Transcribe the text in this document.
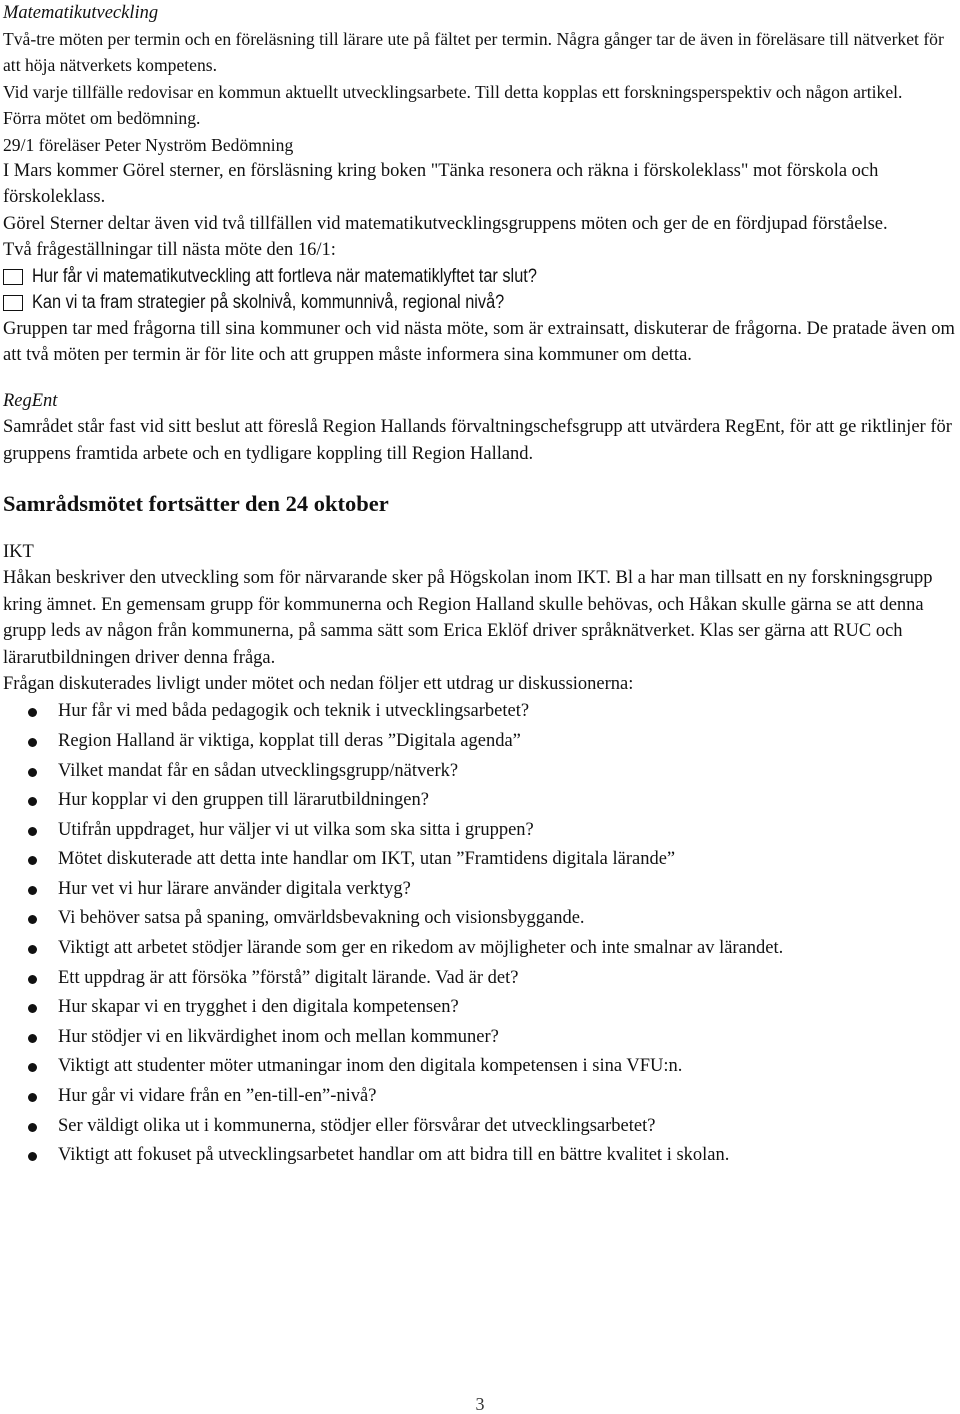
Matematikutveckling

Två-tre möten per termin och en föreläsning till lärare ute på fältet per termin. Några gånger tar de även in föreläsare till nätverket för att höja nätverkets kompetens.

Vid varje tillfälle redovisar en kommun aktuellt utvecklingsarbete. Till detta kopplas ett forskningsperspektiv och någon artikel.

Förra mötet om bedömning.

29/1 föreläser Peter Nyström Bedömning

I Mars kommer Görel sterner, en försläsning kring boken "Tänka resonera och räkna i förskoleklass" mot förskola och förskoleklass.

Görel Sterner deltar även vid två tillfällen vid matematikutvecklingsgruppens möten och ger de en fördjupad förståelse.

Två frågeställningar till nästa möte den 16/1:

Hur får vi matematikutveckling att fortleva när matematiklyftet tar slut?
Kan vi ta fram strategier på skolnivå, kommunnivå, regional nivå?

Gruppen tar med frågorna till sina kommuner och vid nästa möte, som är extrainsatt, diskuterar de frågorna. De pratade även om att två möten per termin är för lite och att gruppen måste informera sina kommuner om detta.

RegEnt

Samrådet står fast vid sitt beslut att föreslå Region Hallands förvaltningschefsgrupp att utvärdera RegEnt, för att ge riktlinjer för gruppens framtida arbete och en tydligare koppling till Region Halland.

Samrådsmötet fortsätter den 24 oktober

IKT

Håkan beskriver den utveckling som för närvarande sker på Högskolan inom IKT. Bl a har man tillsatt en ny forskningsgrupp kring ämnet. En gemensam grupp för kommunerna och Region Halland skulle behövas, och Håkan skulle gärna se att denna grupp leds av någon från kommunerna, på samma sätt som Erica Eklöf driver språknätverket. Klas ser gärna att RUC och lärarutbildningen driver denna fråga.

Frågan diskuterades livligt under mötet och nedan följer ett utdrag ur diskussionerna:

Hur får vi med båda pedagogik och teknik i utvecklingsarbetet?
Region Halland är viktiga, kopplat till deras ”Digitala agenda”
Vilket mandat får en sådan utvecklingsgrupp/nätverk?
Hur kopplar vi den gruppen till lärarutbildningen?
Utifrån uppdraget, hur väljer vi ut vilka som ska sitta i gruppen?
Mötet diskuterade att detta inte handlar om IKT, utan ”Framtidens digitala lärande”
Hur vet vi hur lärare använder digitala verktyg?
Vi behöver satsa på spaning, omvärldsbevakning och visionsbyggande.
Viktigt att arbetet stödjer lärande som ger en rikedom av möjligheter och inte smalnar av lärandet.
Ett uppdrag är att försöka ”förstå” digitalt lärande. Vad är det?
Hur skapar vi en trygghet i den digitala kompetensen?
Hur stödjer vi en likvärdighet inom och mellan kommuner?
Viktigt att studenter möter utmaningar inom den digitala kompetensen i sina VFU:n.
Hur går vi vidare från en ”en-till-en”-nivå?
Ser väldigt olika ut i kommunerna, stödjer eller försvårar det utvecklingsarbetet?
Viktigt att fokuset på utvecklingsarbetet handlar om att bidra till en bättre kvalitet i skolan.
3
